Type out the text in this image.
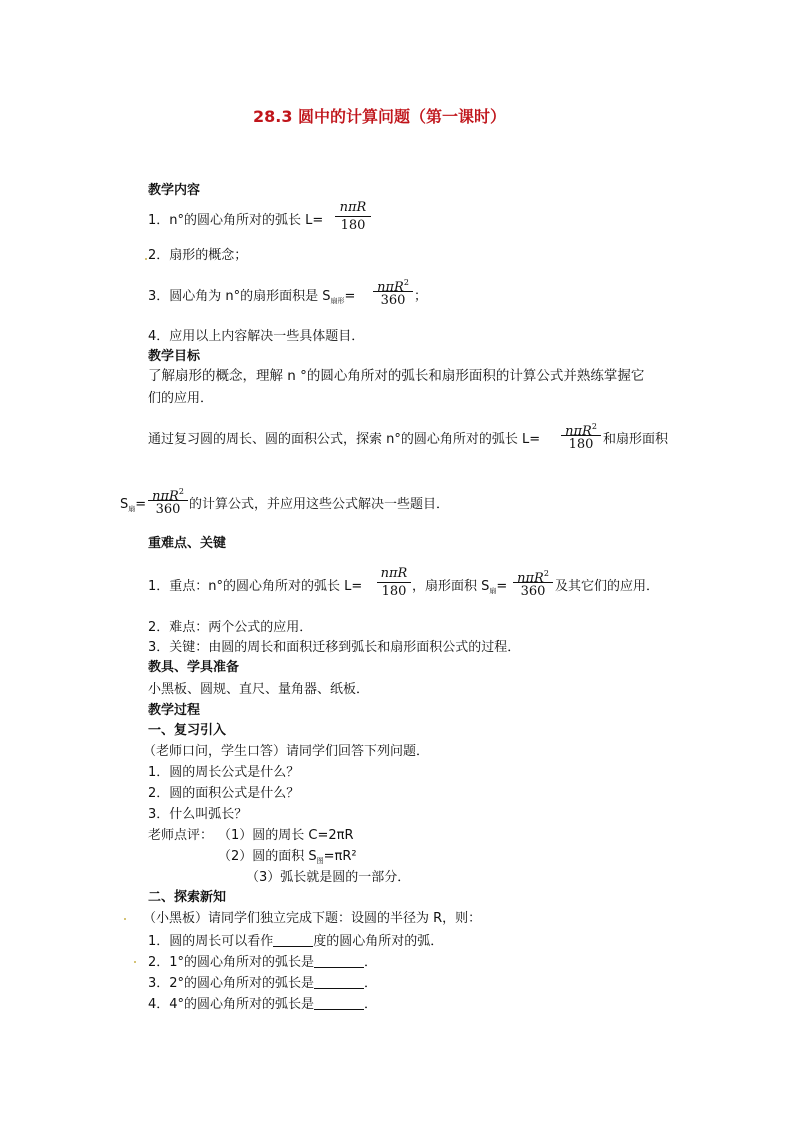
28.3 圆中的计算问题（第一课时）
教学内容
1．n°的圆心角所对的弧长 L=
nπR
180
2．扇形的概念；
3．圆心角为 n°的扇形面积是 $S_{扇形}=$
nπR$^2$
360 ；
4．应用以上内容解决一些具体题目．
教学目标
了解扇形的概念，理解 n °的圆心角所对的弧长和扇形面积的计算公式并熟练掌握它
们的应用．
通过复习圆的周长、圆的面积公式，探索 n°的圆心角所对的弧长 L=
nπR$^2$
180 和扇形面积
$S_扇=$
nπR$^2$
360 的计算公式，并应用这些公式解决一些题目．
重难点、关键
1．重点：n°的圆心角所对的弧长 L=
nπR
180 ，扇形面积 $S_扇=$
nπR$^2$
360 及其它们的应用．
2．难点：两个公式的应用．
3．关键：由圆的周长和面积迁移到弧长和扇形面积公式的过程．
教具、学具准备
小黑板、圆规、直尺、量角器、纸板．
教学过程
一、复习引入
（老师口问，学生口答）请同学们回答下列问题．
1．圆的周长公式是什么？
2．圆的面积公式是什么？
3．什么叫弧长？
老师点评： （1）圆的周长 C=2πR
（2）圆的面积 $S_图=\pi R^2$
（3）弧长就是圆的一部分．
二、探索新知
（小黑板）请同学们独立完成下题：设圆的半径为 R，则：
1．圆的周长可以看作	度的圆心角所对的弧．
2．1°的圆心角所对的弧长是	．
3．2°的圆心角所对的弧长是	．
4．4°的圆心角所对的弧长是	．
